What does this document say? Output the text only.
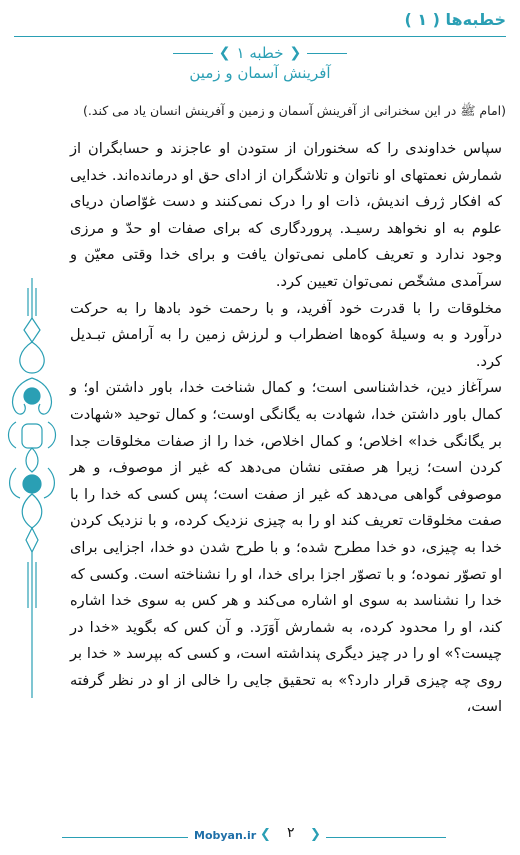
خطبه‌ها ( ۱ )
❮ خطبه ۱ ❯
آفرینش آسمان و زمین
(امام ﷺ در این سخنرانی از آفرینش آسمان و زمین و آفرینش انسان یاد می کند.)

سپاس خداوندی را که سخنوران از ستودن او عاجزند و حسابگران از شمارش نعمتهای او ناتوان و تلاشگران از ادای حق او درمانده‌اند. خدایی که افکار ژرف اندیش، ذات او را درک نمی‌کنند و دست غوّاصان دریای علوم به او نخواهد رسیـد. پروردگاری که برای صفات او حدّ و مرزی وجود ندارد و تعریف کاملی نمی‌توان یافت و برای خدا وقتی معیّن و سرآمدی مشخّص نمی‌توان تعیین کرد.

مخلوقات را با قدرت خود آفرید، و با رحمت خود بادها را به حرکت درآورد و به وسیلۀ کوه‌ها اضطراب و لرزش زمین را به آرامش تبـدیل کرد.

سرآغاز دین، خداشناسی است؛ و کمال شناخت خدا، باور داشتن او؛ و کمال باور داشتن خدا، شهادت به یگانگی اوست؛ و کمال توحید «شهادت بر یگانگی خدا» اخلاص؛ و کمال اخلاص، خدا را از صفات مخلوقات جدا کردن است؛ زیرا هر صفتی نشان می‌دهد که غیر از موصوف، و هر موصوفی گواهی می‌دهد که غیر از صفت است؛ پس کسی که خدا را با صفت مخلوقات تعریف کند او را به چیزی نزدیک کرده، و با نزدیک کردن خدا به چیزی، دو خدا مطرح شده؛ و با طرح شدن دو خدا، اجزایی برای او تصوّر نموده؛ و با تصوّر اجزا برای خدا، او را نشناخته است. وکسی که خدا را نشناسد به سوی او اشاره می‌کند و هر کس به سوی خدا اشاره کند، او را محدود کرده، به شمارش آوَرَد. و آن کس که بگوید «خدا در چیست؟» او را در چیز دیگری پنداشته است، و کسی که بپرسد « خدا بر روی چه چیزی قرار دارد؟» به تحقیق جایی را خالی از او در نظر گرفته است،

Mobyan.ir ❮ ۲ ❯
